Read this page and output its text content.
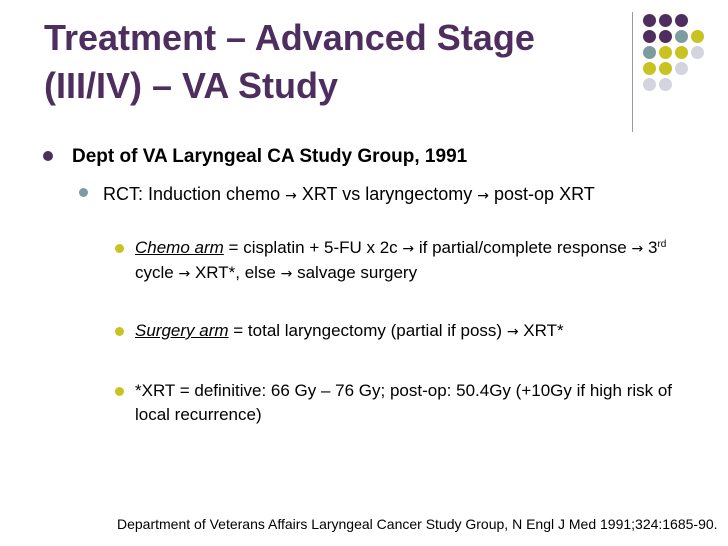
Treatment – Advanced Stage
(III/IV) – VA Study
Dept of VA Laryngeal CA Study Group, 1991
RCT: Induction chemo → XRT vs laryngectomy → post-op XRT
Chemo arm = cisplatin + 5-FU x 2c → if partial/complete response → 3rd cycle → XRT*, else → salvage surgery
Surgery arm = total laryngectomy (partial if poss) → XRT*
*XRT = definitive: 66 Gy – 76 Gy; post-op: 50.4Gy (+10Gy if high risk of local recurrence)
Department of Veterans Affairs Laryngeal Cancer Study Group, N Engl J Med 1991;324:1685-90.
